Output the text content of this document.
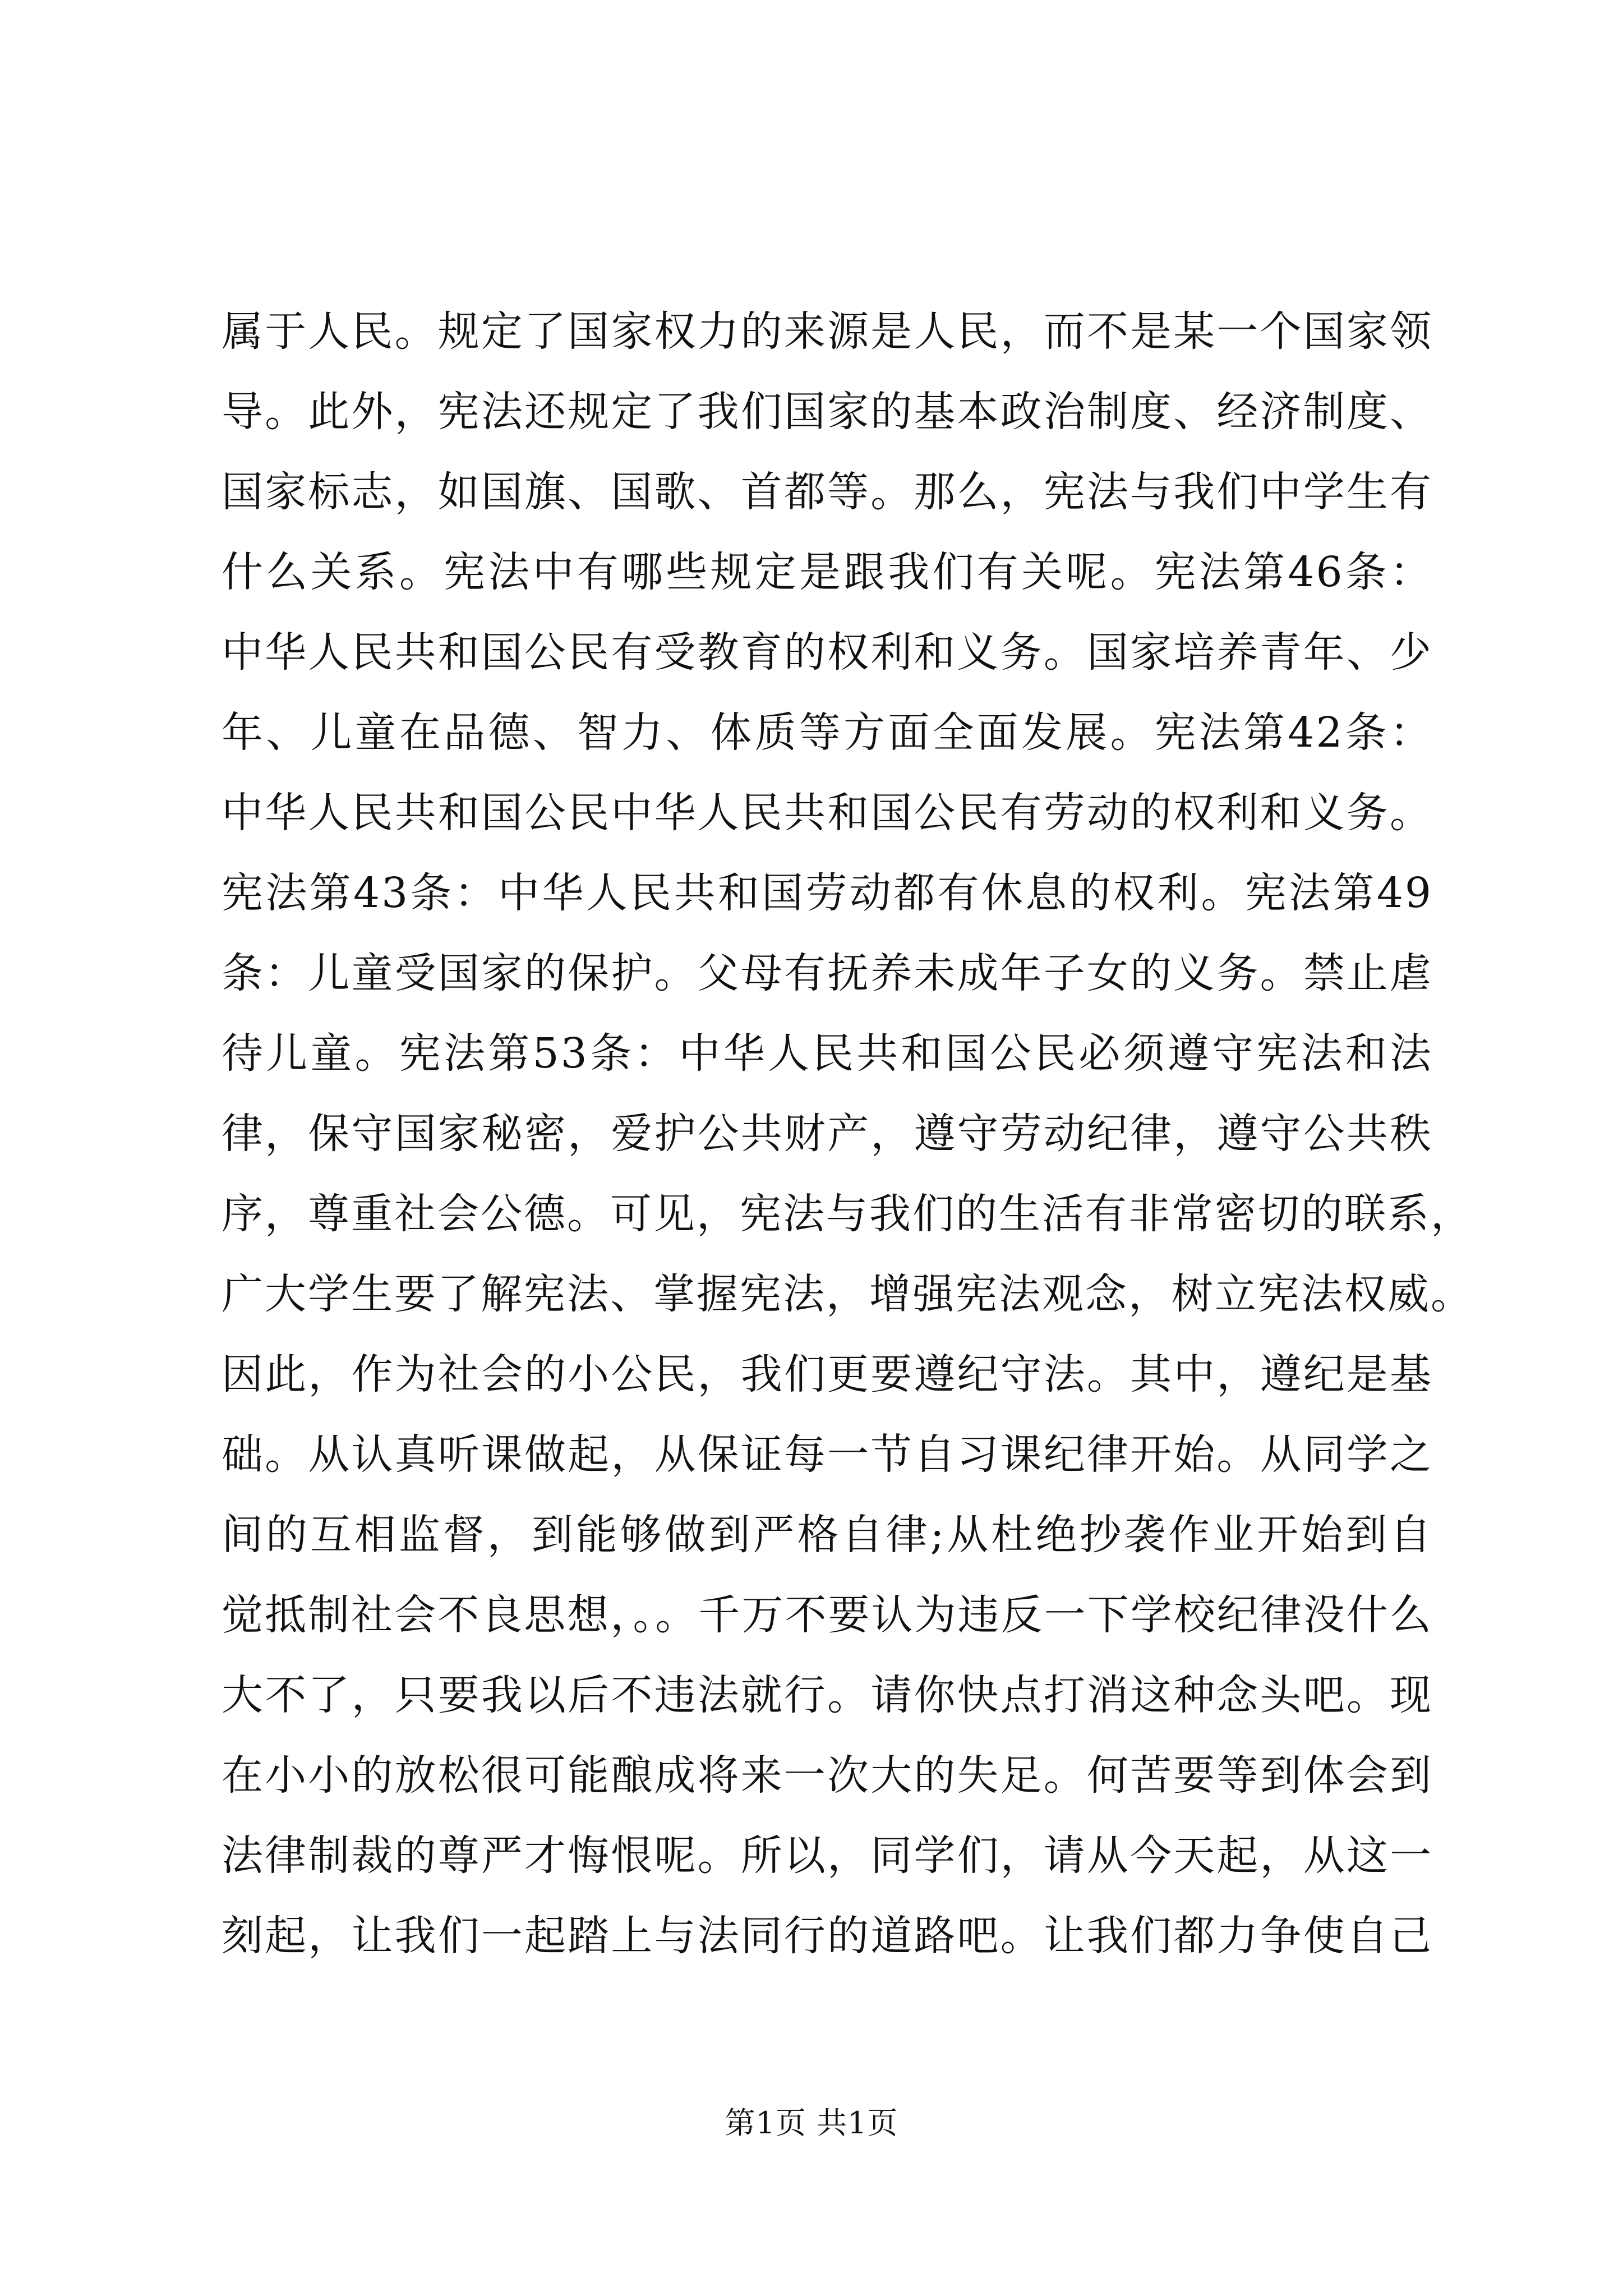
属于人民。规定了国家权力的来源是人民，而不是某一个国家领
导。此外，宪法还规定了我们国家的基本政治制度、经济制度、
国家标志，如国旗、国歌、首都等。那么，宪法与我们中学生有
什么关系。宪法中有哪些规定是跟我们有关呢。宪法第46条：
中华人民共和国公民有受教育的权利和义务。国家培养青年、少
年、儿童在品德、智力、体质等方面全面发展。宪法第42条：
中华人民共和国公民中华人民共和国公民有劳动的权利和义务。
宪法第43条：中华人民共和国劳动都有休息的权利。宪法第49
条：儿童受国家的保护。父母有抚养未成年子女的义务。禁止虐
待儿童。宪法第53条：中华人民共和国公民必须遵守宪法和法
律，保守国家秘密，爱护公共财产，遵守劳动纪律，遵守公共秩
序，尊重社会公德。可见，宪法与我们的生活有非常密切的联系，
广大学生要了解宪法、掌握宪法，增强宪法观念，树立宪法权威。
因此，作为社会的小公民，我们更要遵纪守法。其中，遵纪是基
础。从认真听课做起，从保证每一节自习课纪律开始。从同学之
间的互相监督，到能够做到严格自律;从杜绝抄袭作业开始到自
觉抵制社会不良思想，。。千万不要认为违反一下学校纪律没什么
大不了，只要我以后不违法就行。请你快点打消这种念头吧。现
在小小的放松很可能酿成将来一次大的失足。何苦要等到体会到
法律制裁的尊严才悔恨呢。所以，同学们，请从今天起，从这一
刻起，让我们一起踏上与法同行的道路吧。让我们都力争使自己
第1页 共1页
